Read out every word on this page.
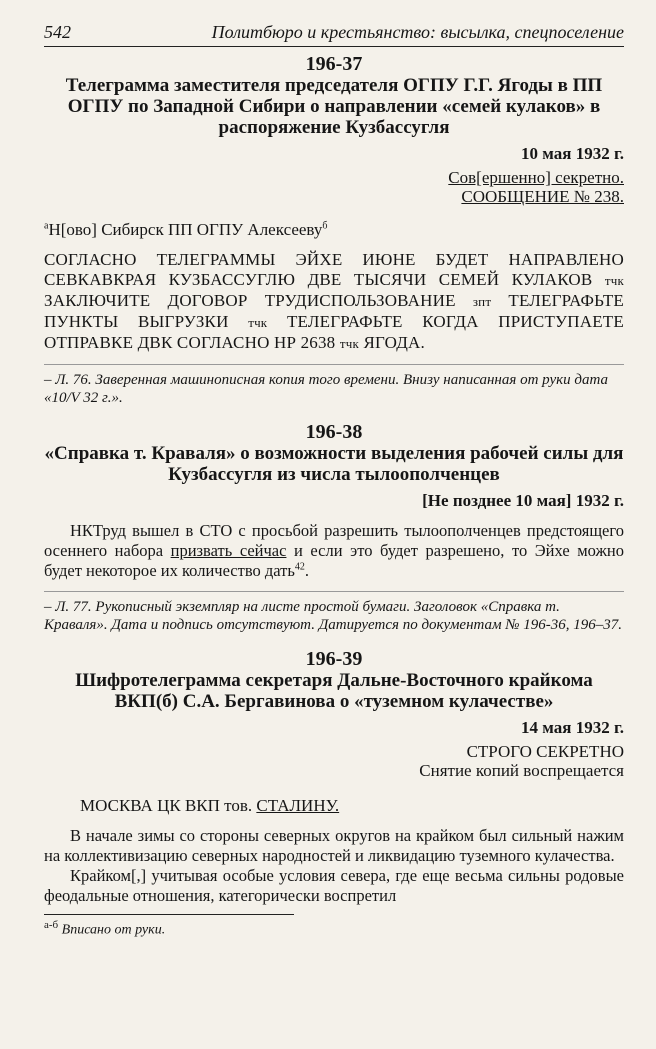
542	Политбюро и крестьянство: высылка, спецпоселение
196-37
Телеграмма заместителя председателя ОГПУ Г.Г. Ягоды в ПП ОГПУ по Западной Сибири о направлении «семей кулаков» в распоряжение Кузбассугля
10 мая 1932 г.
Сов[ершенно] секретно.
СООБЩЕНИЕ № 238.
$^а$Н[ово] Сибирск ПП ОГПУ Алексееву$^б$
СОГЛАСНО ТЕЛЕГРАММЫ ЭЙХЕ ИЮНЕ БУДЕТ НАПРАВЛЕНО СЕВКАВКРАЯ КУЗБАССУГЛЮ ДВЕ ТЫСЯЧИ СЕМЕЙ КУЛАКОВ тчк ЗАКЛЮЧИТЕ ДОГОВОР ТРУДИСПОЛЬЗОВАНИЕ зпт ТЕЛЕГРАФЬТЕ ПУНКТЫ ВЫГРУЗКИ тчк ТЕЛЕГРАФЬТЕ КОГДА ПРИСТУПАЕТЕ ОТПРАВКЕ ДВК СОГЛАСНО НР 2638 тчк ЯГОДА.
– Л. 76. Заверенная машинописная копия того времени. Внизу написанная от руки дата «10/V 32 г.».
196-38
«Справка т. Краваля» о возможности выделения рабочей силы для Кузбассугля из числа тылоополченцев
[Не позднее 10 мая] 1932 г.
НКТруд вышел в СТО с просьбой разрешить тылоополченцев предстоящего осеннего набора призвать сейчас и если это будет разрешено, то Эйхе можно будет некоторое их количество дать$^{42}$.
– Л. 77. Рукописный экземпляр на листе простой бумаги. Заголовок «Справка т. Краваля». Дата и подпись отсутствуют. Датируется по документам № 196-36, 196–37.
196-39
Шифротелеграмма секретаря Дальне-Восточного крайкома ВКП(б) С.А. Бергавинова о «туземном кулачестве»
14 мая 1932 г.
СТРОГО СЕКРЕТНО
Снятие копий воспрещается
МОСКВА ЦК ВКП тов. СТАЛИНУ.
В начале зимы со стороны северных округов на крайком был сильный нажим на коллективизацию северных народностей и ликвидацию туземного кулачества.
Крайком[,] учитывая особые условия севера, где еще весьма сильны родовые феодальные отношения, категорически воспретил
$^{а-б}$ Вписано от руки.
